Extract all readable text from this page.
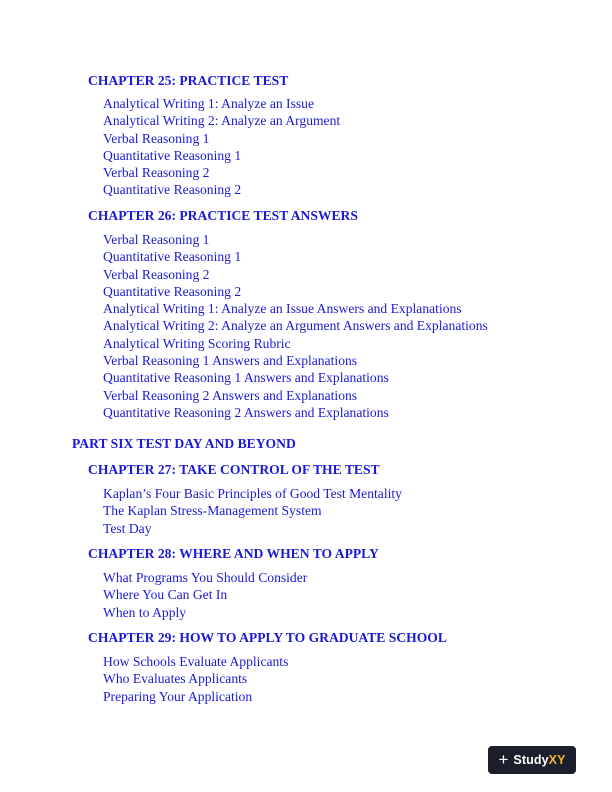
CHAPTER 25: PRACTICE TEST
Analytical Writing 1: Analyze an Issue
Analytical Writing 2: Analyze an Argument
Verbal Reasoning 1
Quantitative Reasoning 1
Verbal Reasoning 2
Quantitative Reasoning 2
CHAPTER 26: PRACTICE TEST ANSWERS
Verbal Reasoning 1
Quantitative Reasoning 1
Verbal Reasoning 2
Quantitative Reasoning 2
Analytical Writing 1: Analyze an Issue Answers and Explanations
Analytical Writing 2: Analyze an Argument Answers and Explanations
Analytical Writing Scoring Rubric
Verbal Reasoning 1 Answers and Explanations
Quantitative Reasoning 1 Answers and Explanations
Verbal Reasoning 2 Answers and Explanations
Quantitative Reasoning 2 Answers and Explanations
PART SIX TEST DAY AND BEYOND
CHAPTER 27: TAKE CONTROL OF THE TEST
Kaplan’s Four Basic Principles of Good Test Mentality
The Kaplan Stress-Management System
Test Day
CHAPTER 28: WHERE AND WHEN TO APPLY
What Programs You Should Consider
Where You Can Get In
When to Apply
CHAPTER 29: HOW TO APPLY TO GRADUATE SCHOOL
How Schools Evaluate Applicants
Who Evaluates Applicants
Preparing Your Application
+ StudyXY
